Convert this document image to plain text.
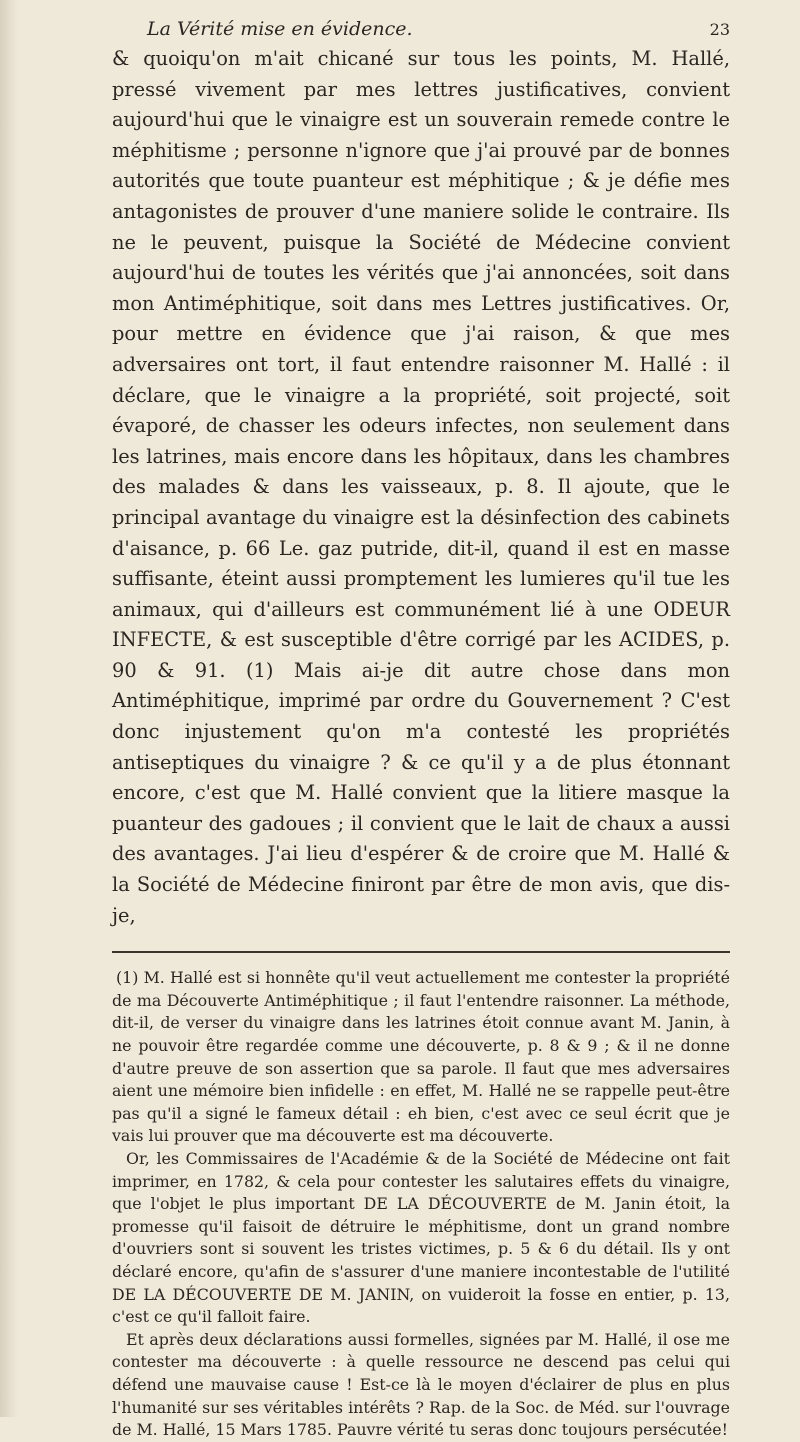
La Vérité mise en évidence.	23

& quoiqu'on m'ait chicané sur tous les points, M. Hallé, pressé vivement par mes lettres justificatives, convient aujourd'hui que le vinaigre est un souverain remede contre le méphitisme ; personne n'ignore que j'ai prouvé par de bonnes autorités que toute puanteur est méphitique ; & je défie mes antagonistes de prouver d'une maniere solide le contraire. Ils ne le peuvent, puisque la Société de Médecine convient aujourd'hui de toutes les vérités que j'ai annoncées, soit dans mon Antiméphitique, soit dans mes Lettres justificatives. Or, pour mettre en évidence que j'ai raison, & que mes adversaires ont tort, il faut entendre raisonner M. Hallé : il déclare, que le vinaigre a la propriété, soit projecté, soit évaporé, de chasser les odeurs infectes, non seulement dans les latrines, mais encore dans les hôpitaux, dans les chambres des malades & dans les vaisseaux, p. 8. Il ajoute, que le principal avantage du vinaigre est la désinfection des cabinets d'aisance, p. 66 Le. gaz putride, dit-il, quand il est en masse suffisante, éteint aussi promptement les lumieres qu'il tue les animaux, qui d'ailleurs est communément lié à une ODEUR INFECTE, & est susceptible d'être corrigé par les ACIDES, p. 90 & 91. (1) Mais ai-je dit autre chose dans mon Antiméphitique, imprimé par ordre du Gouvernement ? C'est donc injustement qu'on m'a contesté les propriétés antiseptiques du vinaigre ? & ce qu'il y a de plus étonnant encore, c'est que M. Hallé convient que la litiere masque la puanteur des gadoues ; il convient que le lait de chaux a aussi des avantages. J'ai lieu d'espérer & de croire que M. Hallé & la Société de Médecine finiront par être de mon avis, que dis-je,

(1) M. Hallé est si honnête qu'il veut actuellement me contester la propriété de ma Découverte Antiméphitique ; il faut l'entendre raisonner. La méthode, dit-il, de verser du vinaigre dans les latrines étoit connue avant M. Janin, à ne pouvoir être regardée comme une découverte, p. 8 & 9 ; & il ne donne d'autre preuve de son assertion que sa parole. Il faut que mes adversaires aient une mémoire bien infidelle : en effet, M. Hallé ne se rappelle peut-être pas qu'il a signé le fameux détail : eh bien, c'est avec ce seul écrit que je vais lui prouver que ma découverte est ma découverte.

Or, les Commissaires de l'Académie & de la Société de Médecine ont fait imprimer, en 1782, & cela pour contester les salutaires effets du vinaigre, que l'objet le plus important DE LA DÉCOUVERTE de M. Janin étoit, la promesse qu'il faisoit de détruire le méphitisme, dont un grand nombre d'ouvriers sont si souvent les tristes victimes, p. 5 & 6 du détail. Ils y ont déclaré encore, qu'afin de s'assurer d'une maniere incontestable de l'utilité DE LA DÉCOUVERTE DE M. JANIN, on vuideroit la fosse en entier, p. 13, c'est ce qu'il falloit faire.

Et après deux déclarations aussi formelles, signées par M. Hallé, il ose me contester ma découverte : à quelle ressource ne descend pas celui qui défend une mauvaise cause ! Est-ce là le moyen d'éclairer de plus en plus l'humanité sur ses véritables intérêts ? Rap. de la Soc. de Méd. sur l'ouvrage de M. Hallé, 15 Mars 1785. Pauvre vérité tu seras donc toujours persécutée!
